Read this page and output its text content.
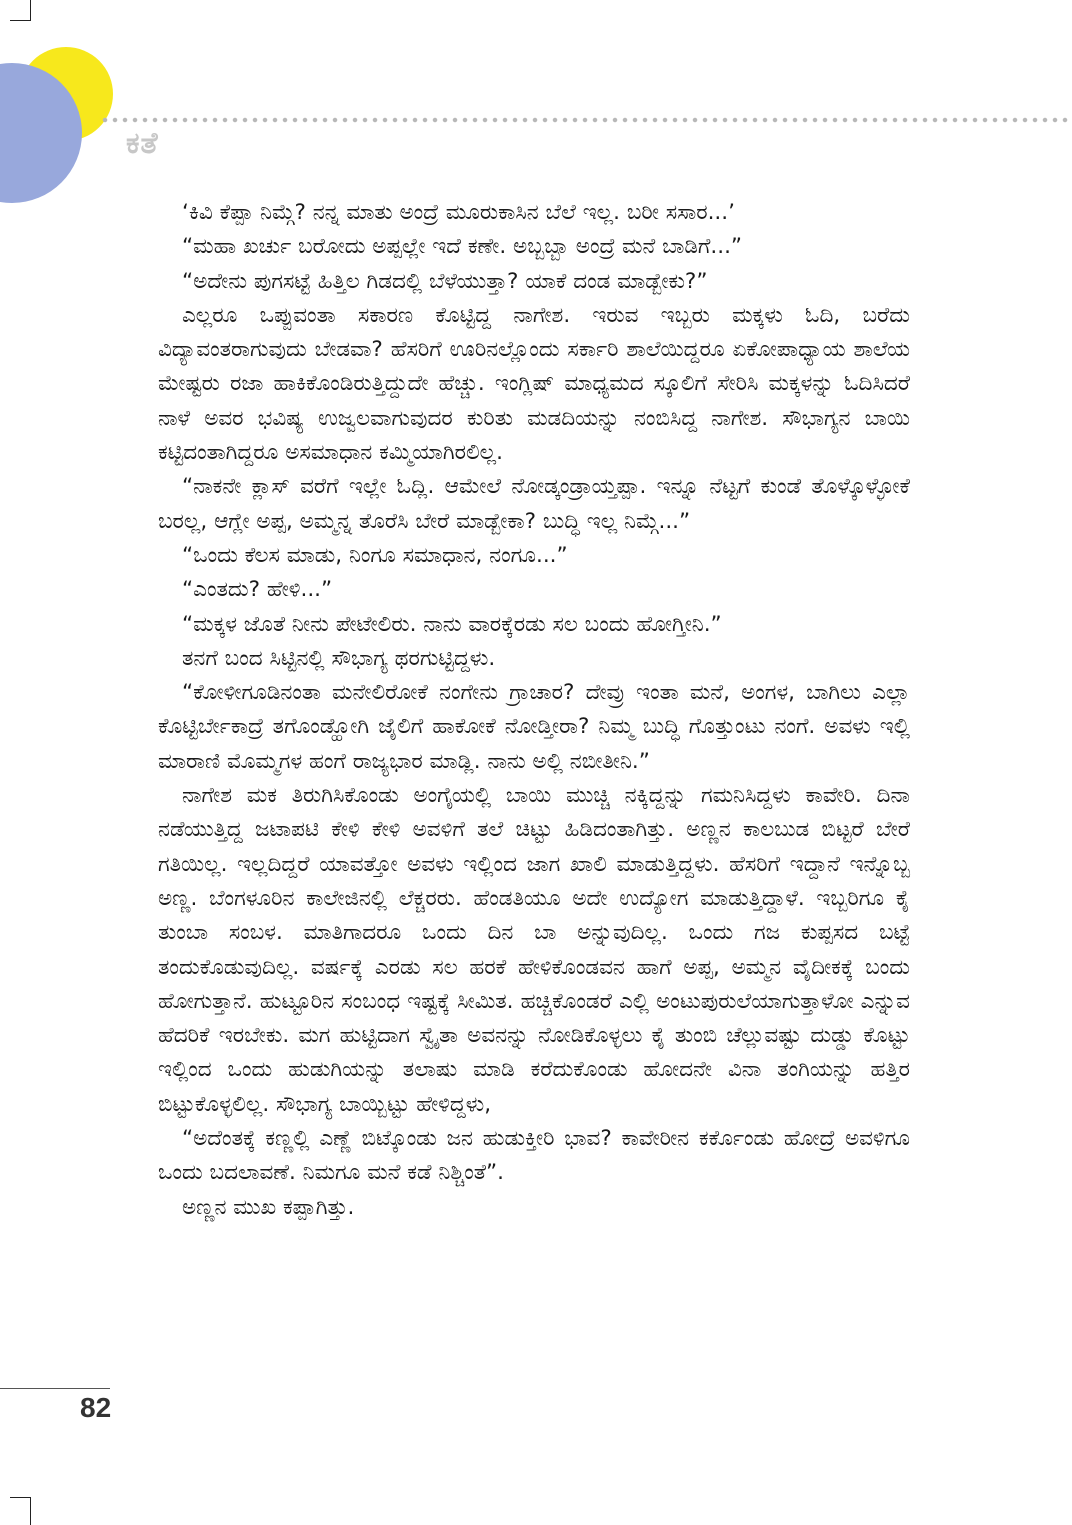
ಕತೆ

‘ಕಿವಿ ಕೆಪ್ಪಾ ನಿಮ್ಗೆ? ನನ್ನ ಮಾತು ಅಂದ್ರೆ ಮೂರುಕಾಸಿನ ಬೆಲೆ ಇಲ್ಲ. ಬರೀ ಸಸಾರ...’

“ಮಹಾ ಖರ್ಚು ಬರೋದು ಅಪ್ಪಲ್ಲೇ ಇದೆ ಕಣೇ. ಅಬ್ಬಬ್ಬಾ ಅಂದ್ರೆ ಮನೆ ಬಾಡಿಗೆ...”

“ಅದೇನು ಪುಗಸಟ್ಟೆ ಹಿತ್ತಿಲ ಗಿಡದಲ್ಲಿ ಬೆಳೆಯುತ್ತಾ? ಯಾಕೆ ದಂಡ ಮಾಡ್ಬೇಕು?”

ಎಲ್ಲರೂ ಒಪ್ಪುವಂತಾ ಸಕಾರಣ ಕೊಟ್ಟಿದ್ದ ನಾಗೇಶ. ಇರುವ ಇಬ್ಬರು ಮಕ್ಕಳು ಓದಿ, ಬರೆದು ವಿದ್ಯಾವಂತರಾಗುವುದು ಬೇಡವಾ? ಹೆಸರಿಗೆ ಊರಿನಲ್ಲೊಂದು ಸರ್ಕಾರಿ ಶಾಲೆಯಿದ್ದರೂ ಏಕೋಪಾಧ್ಯಾಯ ಶಾಲೆಯ ಮೇಷ್ಟರು ರಜಾ ಹಾಕಿಕೊಂಡಿರುತ್ತಿದ್ದುದೇ ಹೆಚ್ಚು. ಇಂಗ್ಲಿಷ್ ಮಾಧ್ಯಮದ ಸ್ಕೂಲಿಗೆ ಸೇರಿಸಿ ಮಕ್ಕಳನ್ನು ಓದಿಸಿದರೆ ನಾಳೆ ಅವರ ಭವಿಷ್ಯ ಉಜ್ವಲವಾಗುವುದರ ಕುರಿತು ಮಡದಿಯನ್ನು ನಂಬಿಸಿದ್ದ ನಾಗೇಶ. ಸೌಭಾಗ್ಯನ ಬಾಯಿ ಕಟ್ಟಿದಂತಾಗಿದ್ದರೂ ಅಸಮಾಧಾನ ಕಮ್ಮಿಯಾಗಿರಲಿಲ್ಲ.

“ನಾಕನೇ ಕ್ಲಾಸ್ ವರೆಗೆ ಇಲ್ಲೇ ಓದ್ಲಿ. ಆಮೇಲೆ ನೋಡ್ಕಂಡ್ರಾಯ್ತಪ್ಪಾ. ಇನ್ನೂ ನೆಟ್ಟಗೆ ಕುಂಡೆ ತೊಳ್ಕೊಳ್ಳೋಕೆ ಬರಲ್ಲ, ಆಗ್ಲೇ ಅಪ್ಪ, ಅಮ್ಮನ್ನ ತೊರೆಸಿ ಬೇರೆ ಮಾಡ್ಬೇಕಾ? ಬುದ್ಧಿ ಇಲ್ಲ ನಿಮ್ಗೆ...”

“ಒಂದು ಕೆಲಸ ಮಾಡು, ನಿಂಗೂ ಸಮಾಧಾನ, ನಂಗೂ...”

“ಎಂತದು? ಹೇಳಿ...”

“ಮಕ್ಕಳ ಜೊತೆ ನೀನು ಪೇಟೇಲಿರು. ನಾನು ವಾರಕ್ಕೆರಡು ಸಲ ಬಂದು ಹೋಗ್ತೀನಿ.”

ತನಗೆ ಬಂದ ಸಿಟ್ಟಿನಲ್ಲಿ ಸೌಭಾಗ್ಯ ಥರಗುಟ್ಟಿದ್ದಳು.

“ಕೋಳೀಗೂಡಿನಂತಾ ಮನೇಲಿರೋಕೆ ನಂಗೇನು ಗ್ರಾಚಾರ? ದೇವ್ರು ಇಂತಾ ಮನೆ, ಅಂಗಳ, ಬಾಗಿಲು ಎಲ್ಲಾ ಕೊಟ್ಟಿರ್ಬೇಕಾದ್ರೆ ತಗೊಂಡ್ಹೋಗಿ ಜೈಲಿಗೆ ಹಾಕೋಕೆ ನೋಡ್ತೀರಾ? ನಿಮ್ಮ ಬುದ್ಧಿ ಗೊತ್ತುಂಟು ನಂಗೆ. ಅವಳು ಇಲ್ಲಿ ಮಾರಾಣಿ ಮೊಮ್ಮಗಳ ಹಂಗೆ ರಾಜ್ಯಭಾರ ಮಾಡ್ಲಿ. ನಾನು ಅಲ್ಲಿ ನಬೀತೀನಿ.”

ನಾಗೇಶ ಮಕ ತಿರುಗಿಸಿಕೊಂಡು ಅಂಗೈಯಲ್ಲಿ ಬಾಯಿ ಮುಚ್ಚಿ ನಕ್ಕಿದ್ದನ್ನು ಗಮನಿಸಿದ್ದಳು ಕಾವೇರಿ. ದಿನಾ ನಡೆಯುತ್ತಿದ್ದ ಜಟಾಪಟಿ ಕೇಳಿ ಕೇಳಿ ಅವಳಿಗೆ ತಲೆ ಚಿಟ್ಟು ಹಿಡಿದಂತಾಗಿತ್ತು. ಅಣ್ಣನ ಕಾಲಬುಡ ಬಿಟ್ಟರೆ ಬೇರೆ ಗತಿಯಿಲ್ಲ. ಇಲ್ಲದಿದ್ದರೆ ಯಾವತ್ತೋ ಅವಳು ಇಲ್ಲಿಂದ ಜಾಗ ಖಾಲಿ ಮಾಡುತ್ತಿದ್ದಳು. ಹೆಸರಿಗೆ ಇದ್ದಾನೆ ಇನ್ನೊಬ್ಬ ಅಣ್ಣ. ಬೆಂಗಳೂರಿನ ಕಾಲೇಜಿನಲ್ಲಿ ಲೆಕ್ಚರರು. ಹೆಂಡತಿಯೂ ಅದೇ ಉದ್ಯೋಗ ಮಾಡುತ್ತಿದ್ದಾಳೆ. ಇಬ್ಬರಿಗೂ ಕೈ ತುಂಬಾ ಸಂಬಳ. ಮಾತಿಗಾದರೂ ಒಂದು ದಿನ ಬಾ ಅನ್ನುವುದಿಲ್ಲ. ಒಂದು ಗಜ ಕುಪ್ಪಸದ ಬಟ್ಟೆ ತಂದುಕೊಡುವುದಿಲ್ಲ. ವರ್ಷಕ್ಕೆ ಎರಡು ಸಲ ಹರಕೆ ಹೇಳಿಕೊಂಡವನ ಹಾಗೆ ಅಪ್ಪ, ಅಮ್ಮನ ವೈದೀಕಕ್ಕೆ ಬಂದು ಹೋಗುತ್ತಾನೆ. ಹುಟ್ಟೂರಿನ ಸಂಬಂಧ ಇಷ್ಟಕ್ಕೆ ಸೀಮಿತ. ಹಚ್ಚಿಕೊಂಡರೆ ಎಲ್ಲಿ ಅಂಟುಪುರುಲೆಯಾಗುತ್ತಾಳೋ ಎನ್ನುವ ಹೆದರಿಕೆ ಇರಬೇಕು. ಮಗ ಹುಟ್ಟಿದಾಗ ಸ್ವೈತಾ ಅವನನ್ನು ನೋಡಿಕೊಳ್ಳಲು ಕೈ ತುಂಬಿ ಚೆಲ್ಲುವಷ್ಟು ದುಡ್ಡು ಕೊಟ್ಟು ಇಲ್ಲಿಂದ ಒಂದು ಹುಡುಗಿಯನ್ನು ತಲಾಷು ಮಾಡಿ ಕರೆದುಕೊಂಡು ಹೋದನೇ ವಿನಾ ತಂಗಿಯನ್ನು ಹತ್ತಿರ ಬಿಟ್ಟುಕೊಳ್ಳಲಿಲ್ಲ. ಸೌಭಾಗ್ಯ ಬಾಯ್ಬಿಟ್ಟು ಹೇಳಿದ್ದಳು,

“ಅದೆಂತಕ್ಕೆ ಕಣ್ಣಲ್ಲಿ ಎಣ್ಣೆ ಬಿಟ್ಕೊಂಡು ಜನ ಹುಡುಕ್ತೀರಿ ಭಾವ? ಕಾವೇರೀನ ಕರ್ಕೊಂಡು ಹೋದ್ರೆ ಅವಳಿಗೂ ಒಂದು ಬದಲಾವಣೆ. ನಿಮಗೂ ಮನೆ ಕಡೆ ನಿಶ್ಚಿಂತೆ”.

ಅಣ್ಣನ ಮುಖ ಕಪ್ಪಾಗಿತ್ತು.

82
